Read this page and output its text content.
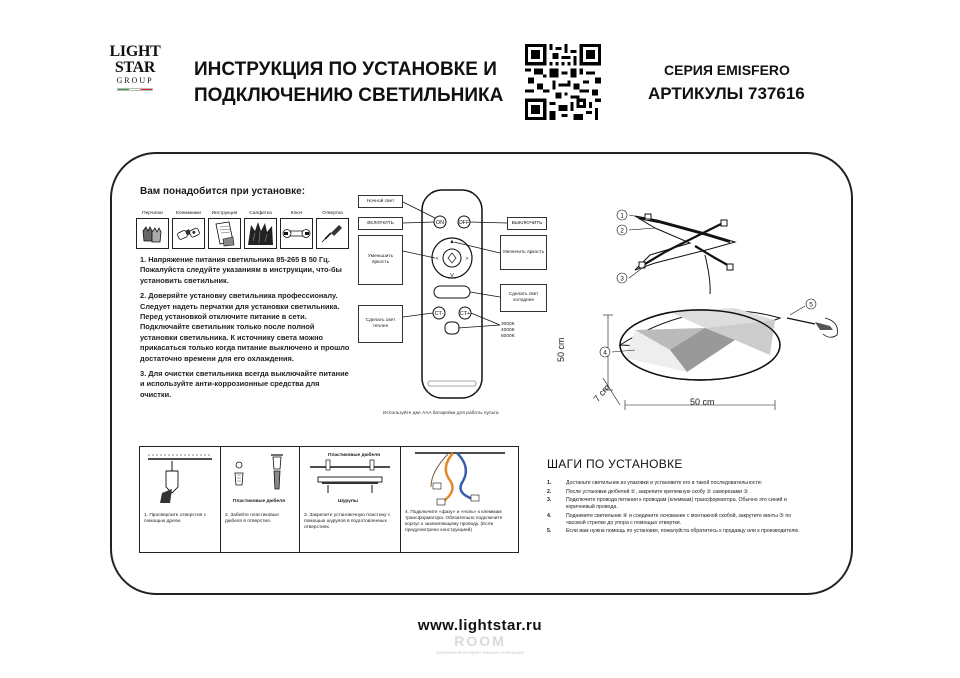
LIGHT
STAR
GROUP
ИНСТРУКЦИЯ ПО УСТАНОВКЕ И
ПОДКЛЮЧЕНИЮ СВЕТИЛЬНИКА
СЕРИЯ EMISFERO
АРТИКУЛЫ 737616
Вам понадобится при установке:
Перчатки	Клеммники	Инструкция	Салфетка	Ключ	Отвертка

1. Напряжение питания светильника 85-265 В 50 Гц. Пожалуйста следуйте указаниям в инструкции, что-бы установить светильник.

2. Доверяйте установку светильника профессионалу. Следует надеть перчатки для установки светильника. Перед установкой отключите питание в сети. Подключайте светильник только после полной установки светильника. К источнику света можно прикасаться только когда питание выключено и прошло достаточно времени для его охлаждения.

3. Для очистки светильника всегда выключайте питание и используйте анти-коррозионные средства для очистки.

ON	OFF
CT-	CT+
▲
V
<	>
Ночной свет
ВКЛЮЧИТЬ	ВЫКЛЮЧИТЬ
Уменьшить яркость
Увеличить яркость
Сделать свет холоднее
Сделать свет теплее	3000K
4000K
6000K
Используйте две AAA батарейки для работы пульта
1
2
3
4
5
50 cm
7 cm	50 cm
1. Просверлите отверстия с помощью дрели.
Пластиковые дюбеля
2. Забейте пластиковые дюбеля в отверстия.
Пластиковые дюбеля
Шурупы
3. Закрепите установочную пластину с помощью шурупов в подготовленных отверстиях.
4. Подключите «фазу» и «ноль» к клеммам трансформатора. Обязательно подключите корпус к заземляющему проводу. (Если предусмотрено конструкцией)
ШАГИ ПО УСТАНОВКЕ
1.	Достаньте светильник из упаковки и установите его в такой последовательности:
2.	После установки дюбелей ①, закрепите крепежную скобу ② саморезами ③
3.	Подключите провода питания к проводам (клеммам) трансформатора. Обычно это синий и коричневый провода.
4.	Поднимите светильник ④ и соедините основание с монтажной скобой, закрутите винты ⑤ по часовой стрелке до упора с помощью отвертки.
5.	Если вам нужна помощь по установке, пожалуйста обратитесь к продавцу или к производителю.
www.lightstar.ru
ROOM
крупнейший интернет-магазин освещения
